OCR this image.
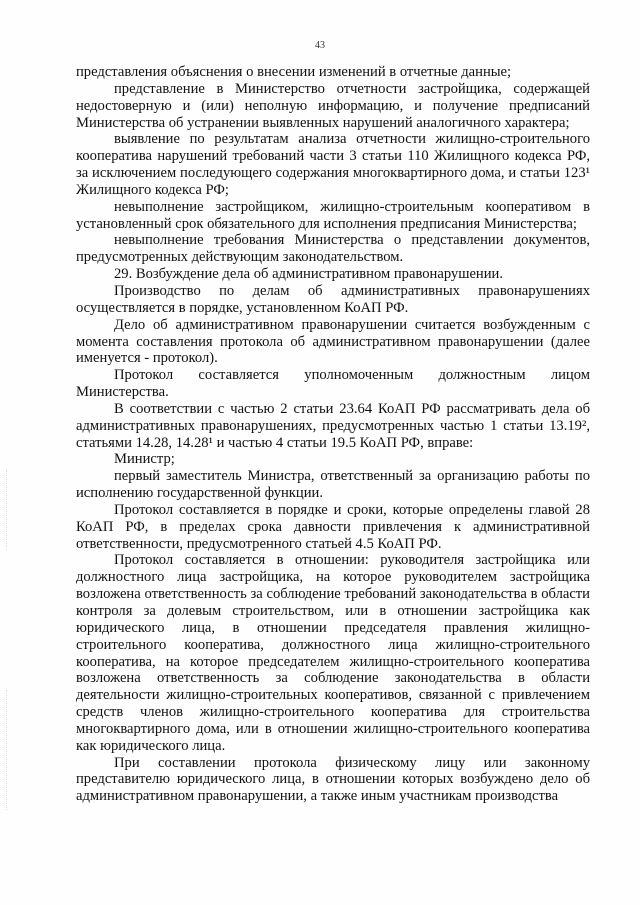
43

представления объяснения о внесении изменений в отчетные данные;

представление в Министерство отчетности застройщика, содержащей недостоверную и (или) неполную информацию, и получение предписаний Министерства об устранении выявленных нарушений аналогичного характера;

выявление по результатам анализа отчетности жилищно-строительного кооператива нарушений требований части 3 статьи 110 Жилищного кодекса РФ, за исключением последующего содержания многоквартирного дома, и статьи 123¹ Жилищного кодекса РФ;

невыполнение застройщиком, жилищно-строительным кооперативом в установленный срок обязательного для исполнения предписания Министерства;

невыполнение требования Министерства о представлении документов, предусмотренных действующим законодательством.

29. Возбуждение дела об административном правонарушении.

Производство по делам об административных правонарушениях осуществляется в порядке, установленном КоАП РФ.

Дело об административном правонарушении считается возбужденным с момента составления протокола об административном правонарушении (далее именуется - протокол).

Протокол составляется уполномоченным должностным лицом Министерства.

В соответствии с частью 2 статьи 23.64 КоАП РФ рассматривать дела об административных правонарушениях, предусмотренных частью 1 статьи 13.19², статьями 14.28, 14.28¹ и частью 4 статьи 19.5 КоАП РФ, вправе:

Министр;

первый заместитель Министра, ответственный за организацию работы по исполнению государственной функции.

Протокол составляется в порядке и сроки, которые определены главой 28 КоАП РФ, в пределах срока давности привлечения к административной ответственности, предусмотренного статьей 4.5 КоАП РФ.

Протокол составляется в отношении: руководителя застройщика или должностного лица застройщика, на которое руководителем застройщика возложена ответственность за соблюдение требований законодательства в области контроля за долевым строительством, или в отношении застройщика как юридического лица, в отношении председателя правления жилищно-строительного кооператива, должностного лица жилищно-строительного кооператива, на которое председателем жилищно-строительного кооператива возложена ответственность за соблюдение законодательства в области деятельности жилищно-строительных кооперативов, связанной с привлечением средств членов жилищно-строительного кооператива для строительства многоквартирного дома, или в отношении жилищно-строительного кооператива как юридического лица.

При составлении протокола физическому лицу или законному представителю юридического лица, в отношении которых возбуждено дело об административном правонарушении, а также иным участникам производства
